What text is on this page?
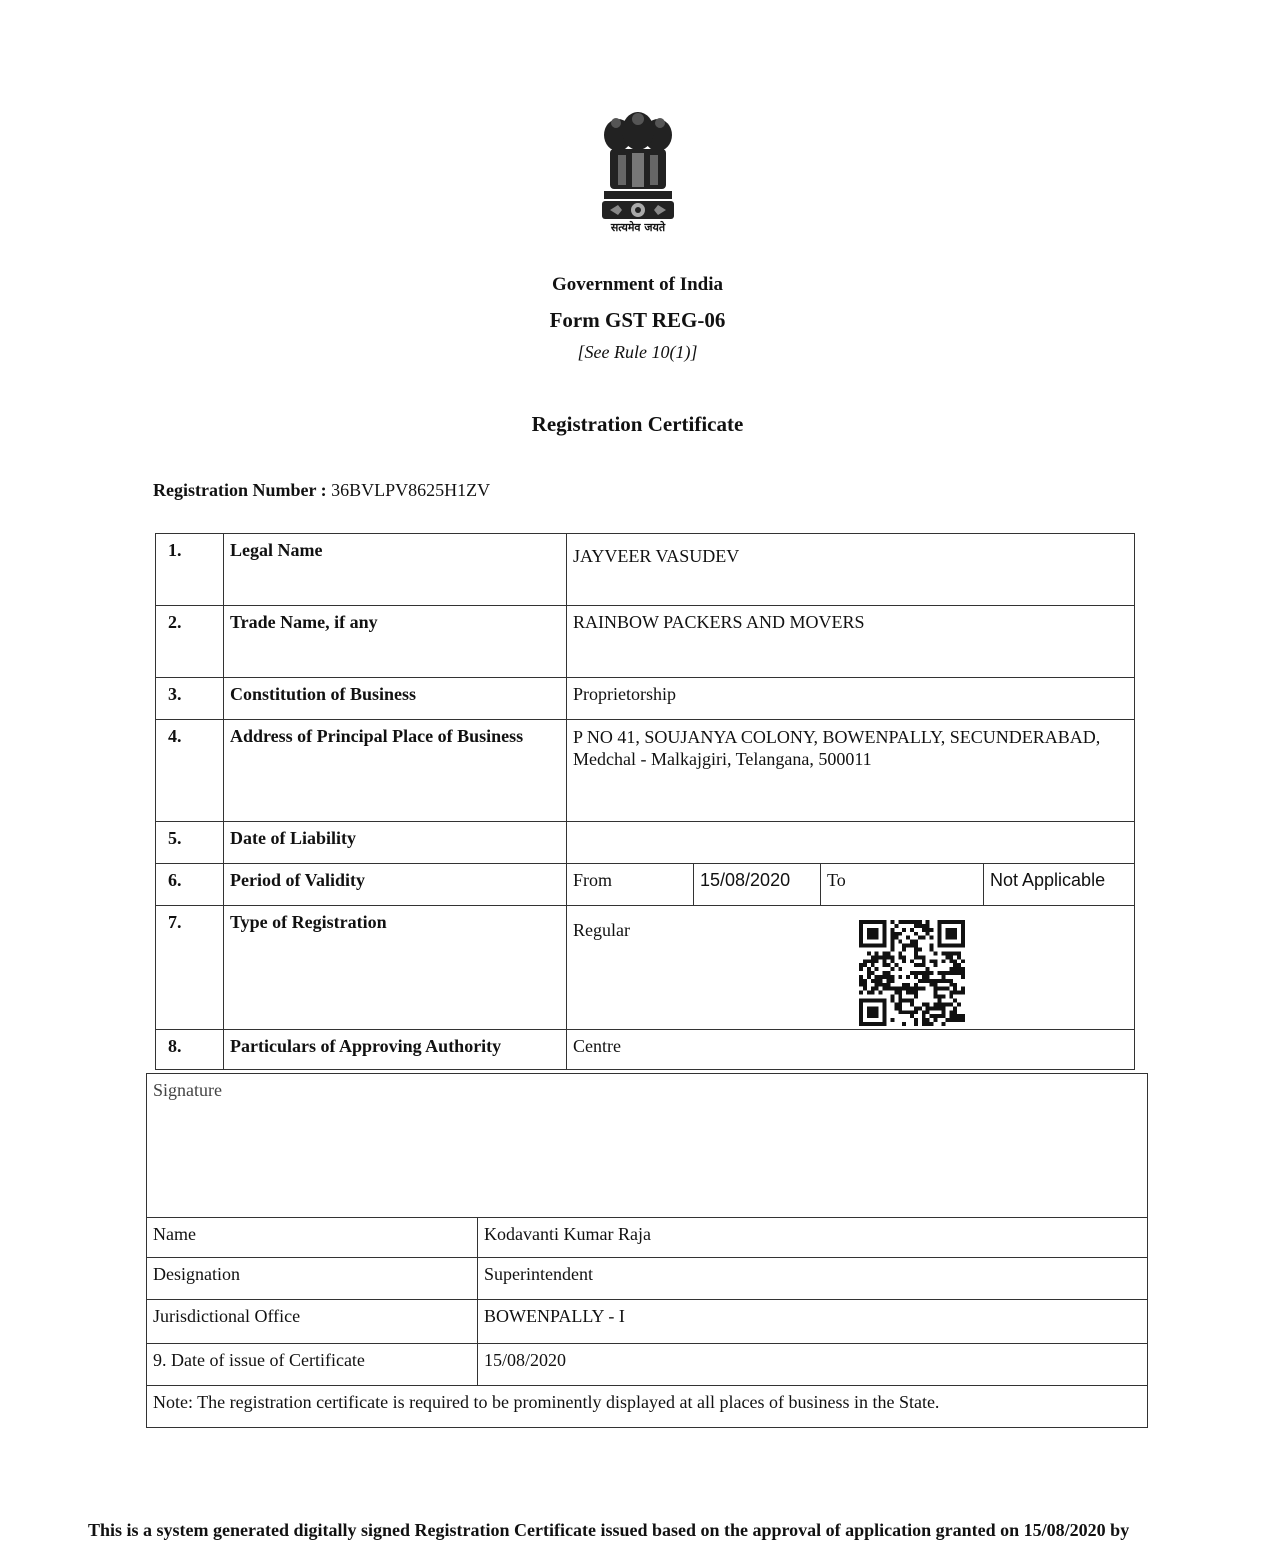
सत्यमेव जयते
Government of India
Form GST REG-06
[See Rule 10(1)]
Registration Certificate
Registration Number : 36BVLPV8625H1ZV
1.	Legal Name	JAYVEER VASUDEV			
2.	Trade Name, if any	RAINBOW PACKERS AND MOVERS			
3.	Constitution of Business	Proprietorship			
4.	Address of Principal Place of Business	P NO 41, SOUJANYA COLONY, BOWENPALLY, SECUNDERABAD, Medchal - Malkajgiri, Telangana, 500011			
5.	Date of Liability				
6.	Period of Validity	From	15/08/2020	To	Not Applicable
7.	Type of Registration	Regular			
8.	Particulars of Approving Authority	Centre			
Signature	
Name	Kodavanti Kumar Raja
Designation	Superintendent
Jurisdictional Office	BOWENPALLY - I
9. Date of issue of Certificate	15/08/2020
Note: The registration certificate is required to be prominently displayed at all places of business in the State.	
This is a system generated digitally signed Registration Certificate issued based on the approval of application granted on 15/08/2020 by
